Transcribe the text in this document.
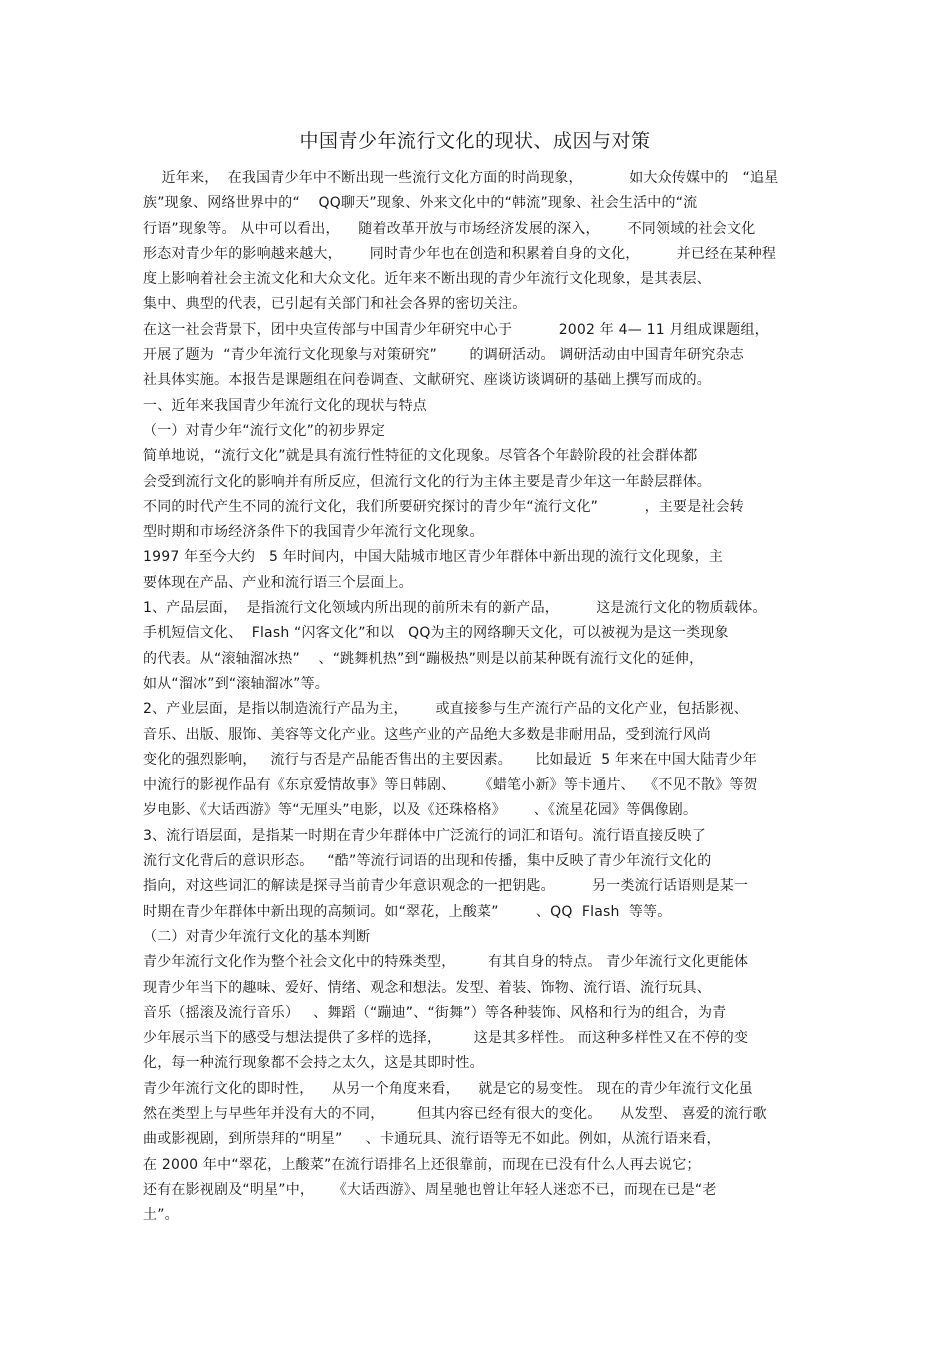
中国青少年流行文化的现状、成因与对策
近年来，  在我国青少年中不断出现一些流行文化方面的时尚现象，          如大众传媒中的   “追星
族”现象、网络世界中的“    QQ聊天”现象、外来文化中的“韩流”现象、社会生活中的“流
行语”现象等。 从中可以看出，    随着改革开放与市场经济发展的深入，      不同领域的社会文化
形态对青少年的影响越来越大，      同时青少年也在创造和积累着自身的文化，        并已经在某种程
度上影响着社会主流文化和大众文化。近年来不断出现的青少年流行文化现象，是其表层、
集中、典型的代表，已引起有关部门和社会各界的密切关注。
在这一社会背景下，团中央宣传部与中国青少年研究中心于          2002 年 4— 11 月组成课题组，
开展了题为  “青少年流行文化现象与对策研究”       的调研活动。 调研活动由中国青年研究杂志
社具体实施。本报告是课题组在问卷调查、文献研究、座谈访谈调研的基础上撰写而成的。
一、近年来我国青少年流行文化的现状与特点
（一）对青少年“流行文化”的初步界定
简单地说，“流行文化”就是具有流行性特征的文化现象。尽管各个年龄阶段的社会群体都
会受到流行文化的影响并有所反应，但流行文化的行为主体主要是青少年这一年龄层群体。
不同的时代产生不同的流行文化，我们所要研究探讨的青少年“流行文化”          ，主要是社会转
型时期和市场经济条件下的我国青少年流行文化现象。
1997 年至今大约   5 年时间内，中国大陆城市地区青少年群体中新出现的流行文化现象，主
要体现在产品、产业和流行语三个层面上。
1、产品层面，  是指流行文化领域内所出现的前所未有的新产品，        这是流行文化的物质载体。
手机短信文化、  Flash “闪客文化”和以   QQ为主的网络聊天文化，可以被视为是这一类现象
的代表。从“滚轴溜冰热”    、“跳舞机热”到“蹦极热”则是以前某种既有流行文化的延伸，
如从“溜冰”到“滚轴溜冰”等。
2、产业层面，是指以制造流行产品为主，      或直接参与生产流行产品的文化产业，包括影视、
音乐、出版、服饰、美容等文化产业。这些产业的产品绝大多数是非耐用品，受到流行风尚
变化的强烈影响，   流行与否是产品能否售出的主要因素。     比如最近  5 年来在中国大陆青少年
中流行的影视作品有《东京爱情故事》等日韩剧、     《蜡笔小新》等卡通片、  《不见不散》等贺
岁电影、《大话西游》等“无厘头”电影，以及《还珠格格》      、《流星花园》等偶像剧。
3、流行语层面，是指某一时期在青少年群体中广泛流行的词汇和语句。流行语直接反映了
流行文化背后的意识形态。   “酷”等流行词语的出现和传播，集中反映了青少年流行文化的
指向，对这些词汇的解读是探寻当前青少年意识观念的一把钥匙。        另一类流行话语则是某一
时期在青少年群体中新出现的高频词。如“翠花，上酸菜”        、QQ  Flash  等等。
（二）对青少年流行文化的基本判断
青少年流行文化作为整个社会文化中的特殊类型，       有其自身的特点。 青少年流行文化更能体
现青少年当下的趣味、爱好、情绪、观念和想法。发型、着装、饰物、流行语、流行玩具、
音乐（摇滚及流行音乐）   、舞蹈（“蹦迪”、“街舞”）等各种装饰、风格和行为的组合，为青
少年展示当下的感受与想法提供了多样的选择，       这是其多样性。 而这种多样性又在不停的变
化，每一种流行现象都不会持之太久，这是其即时性。
青少年流行文化的即时性，    从另一个角度来看，    就是它的易变性。 现在的青少年流行文化虽
然在类型上与早些年并没有大的不同，       但其内容已经有很大的变化。    从发型、 喜爱的流行歌
曲或影视剧，到所崇拜的“明星”     、卡通玩具、流行语等无不如此。例如，从流行语来看，
在 2000 年中“翠花，上酸菜”在流行语排名上还很靠前，而现在已没有什么人再去说它；
还有在影视剧及“明星”中，    《大话西游》、周星驰也曾让年轻人迷恋不已，而现在已是“老
土”。
